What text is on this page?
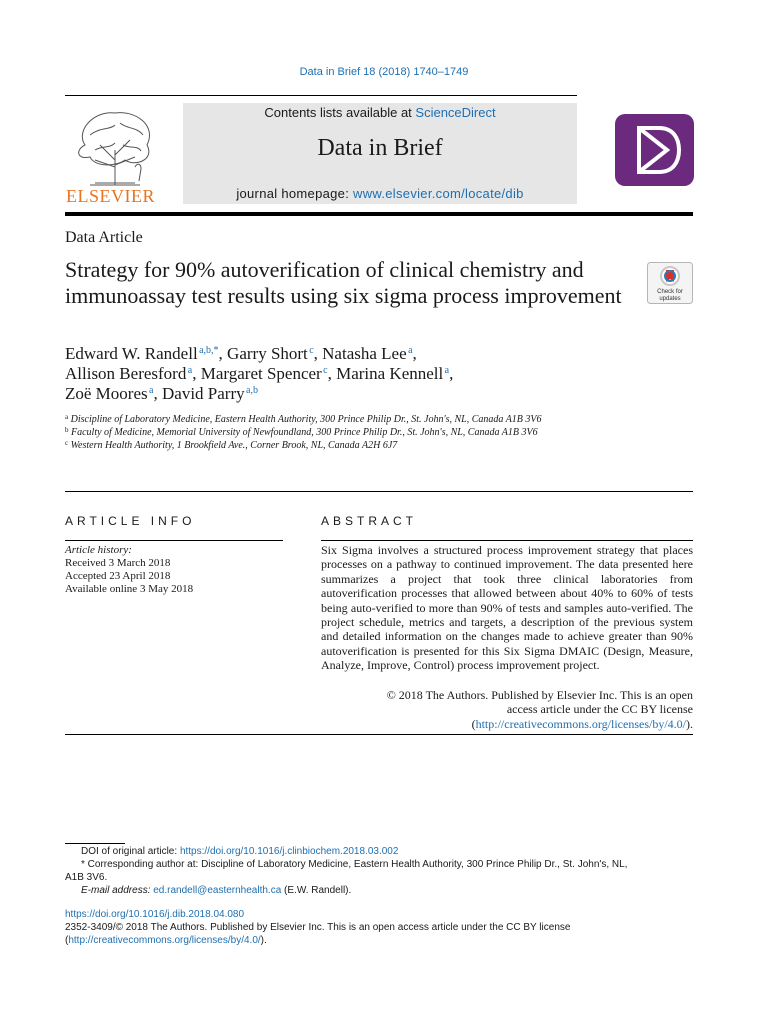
Data in Brief 18 (2018) 1740–1749
ELSEVIER
Contents lists available at ScienceDirect
Data in Brief
journal homepage: www.elsevier.com/locate/dib
Data Article
Strategy for 90% autoverification of clinical chemistry and immunoassay test results using six sigma process improvement	Check for updates
Edward W. Randell $^{a,b,*}$, Garry Short $^c$, Natasha Lee $^a$,
Allison Beresford $^a$, Margaret Spencer $^c$, Marina Kennell $^a$,
Zoë Moores $^a$, David Parry $^{a,b}$
$^a$ Discipline of Laboratory Medicine, Eastern Health Authority, 300 Prince Philip Dr., St. John's, NL, Canada A1B 3V6
$^b$ Faculty of Medicine, Memorial University of Newfoundland, 300 Prince Philip Dr., St. John's, NL, Canada A1B 3V6
$^c$ Western Health Authority, 1 Brookfield Ave., Corner Brook, NL, Canada A2H 6J7
ARTICLE INFO
Article history:
Received 3 March 2018
Accepted 23 April 2018
Available online 3 May 2018
ABSTRACT
Six Sigma involves a structured process improvement strategy that places processes on a pathway to continued improvement. The data presented here summarizes a project that took three clinical laboratories from autoverification processes that allowed between about 40% to 60% of tests being auto-verified to more than 90% of tests and samples auto-verified. The project schedule, metrics and targets, a description of the previous system and detailed information on the changes made to achieve greater than 90% autoverification is presented for this Six Sigma DMAIC (Design, Measure, Analyze, Improve, Control) process improvement project.
© 2018 The Authors. Published by Elsevier Inc. This is an open
access article under the CC BY license
(http://creativecommons.org/licenses/by/4.0/).
DOI of original article: https://doi.org/10.1016/j.clinbiochem.2018.03.002
* Corresponding author at: Discipline of Laboratory Medicine, Eastern Health Authority, 300 Prince Philip Dr., St. John's, NL,
A1B 3V6.
E-mail address: ed.randell@easternhealth.ca (E.W. Randell).
https://doi.org/10.1016/j.dib.2018.04.080
2352-3409/© 2018 The Authors. Published by Elsevier Inc. This is an open access article under the CC BY license
(http://creativecommons.org/licenses/by/4.0/).
